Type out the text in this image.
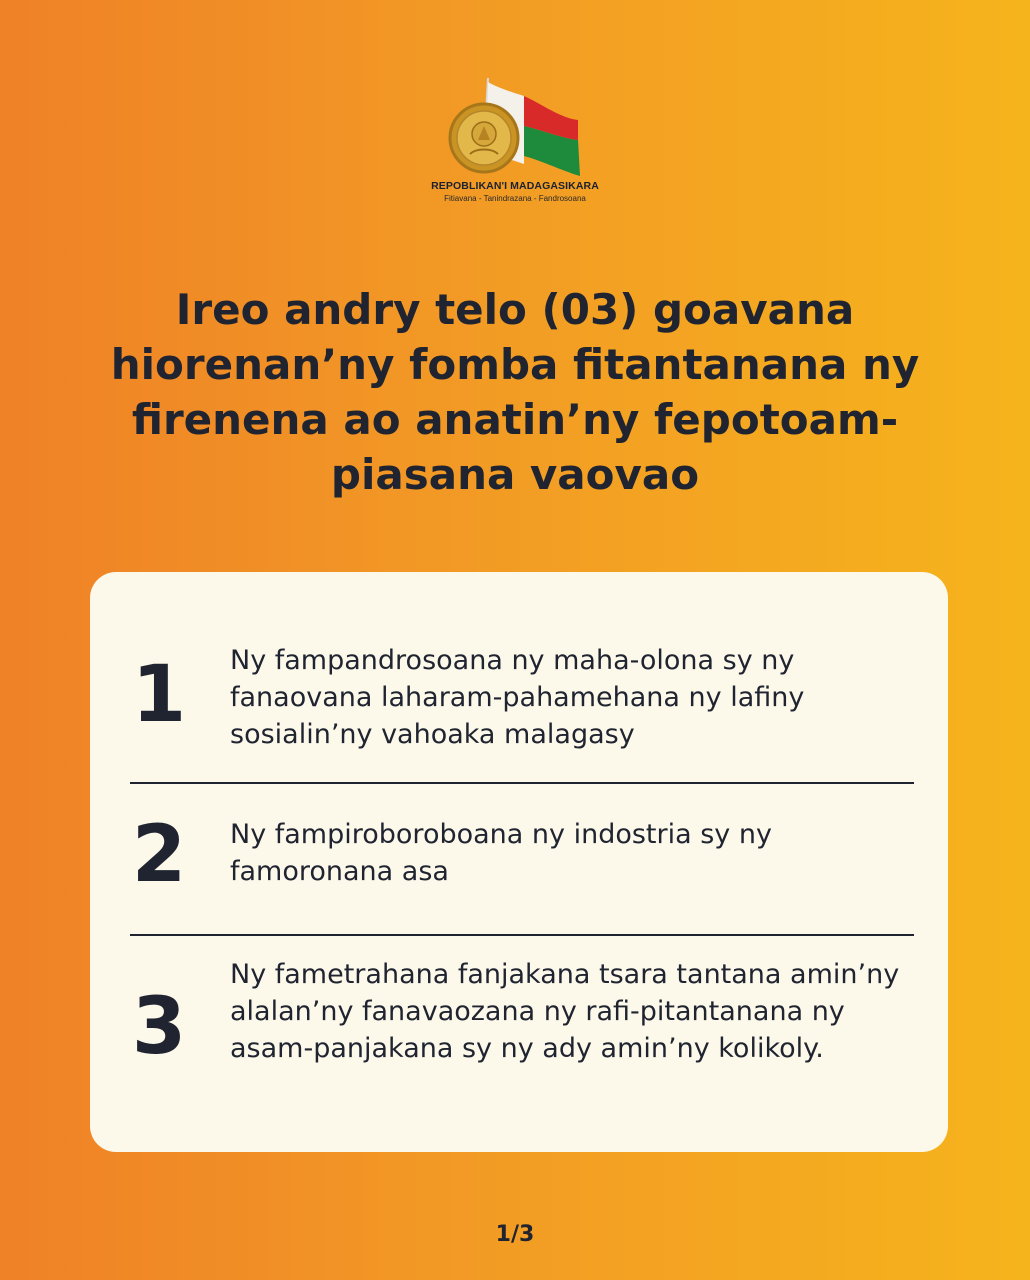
REPOBLIKAN'I MADAGASIKARA
Fitiavana - Tanindrazana - Fandrosoana
Ireo andry telo (03) goavana hiorenan’ny fomba fitantanana ny firenena ao anatin’ny fepotoam-piasana vaovao
1 Ny fampandrosoana ny maha-olona sy ny fanaovana laharam-pahamehana ny lafiny sosialin’ny vahoaka malagasy
2 Ny fampiroboroboana ny indostria sy ny famoronana asa
3
Ny fametrahana fanjakana tsara tantana amin’ny alalan’ny fanavaozana ny rafi-pitantanana ny asam-panjakana sy ny ady amin’ny kolikoly.
1/3
